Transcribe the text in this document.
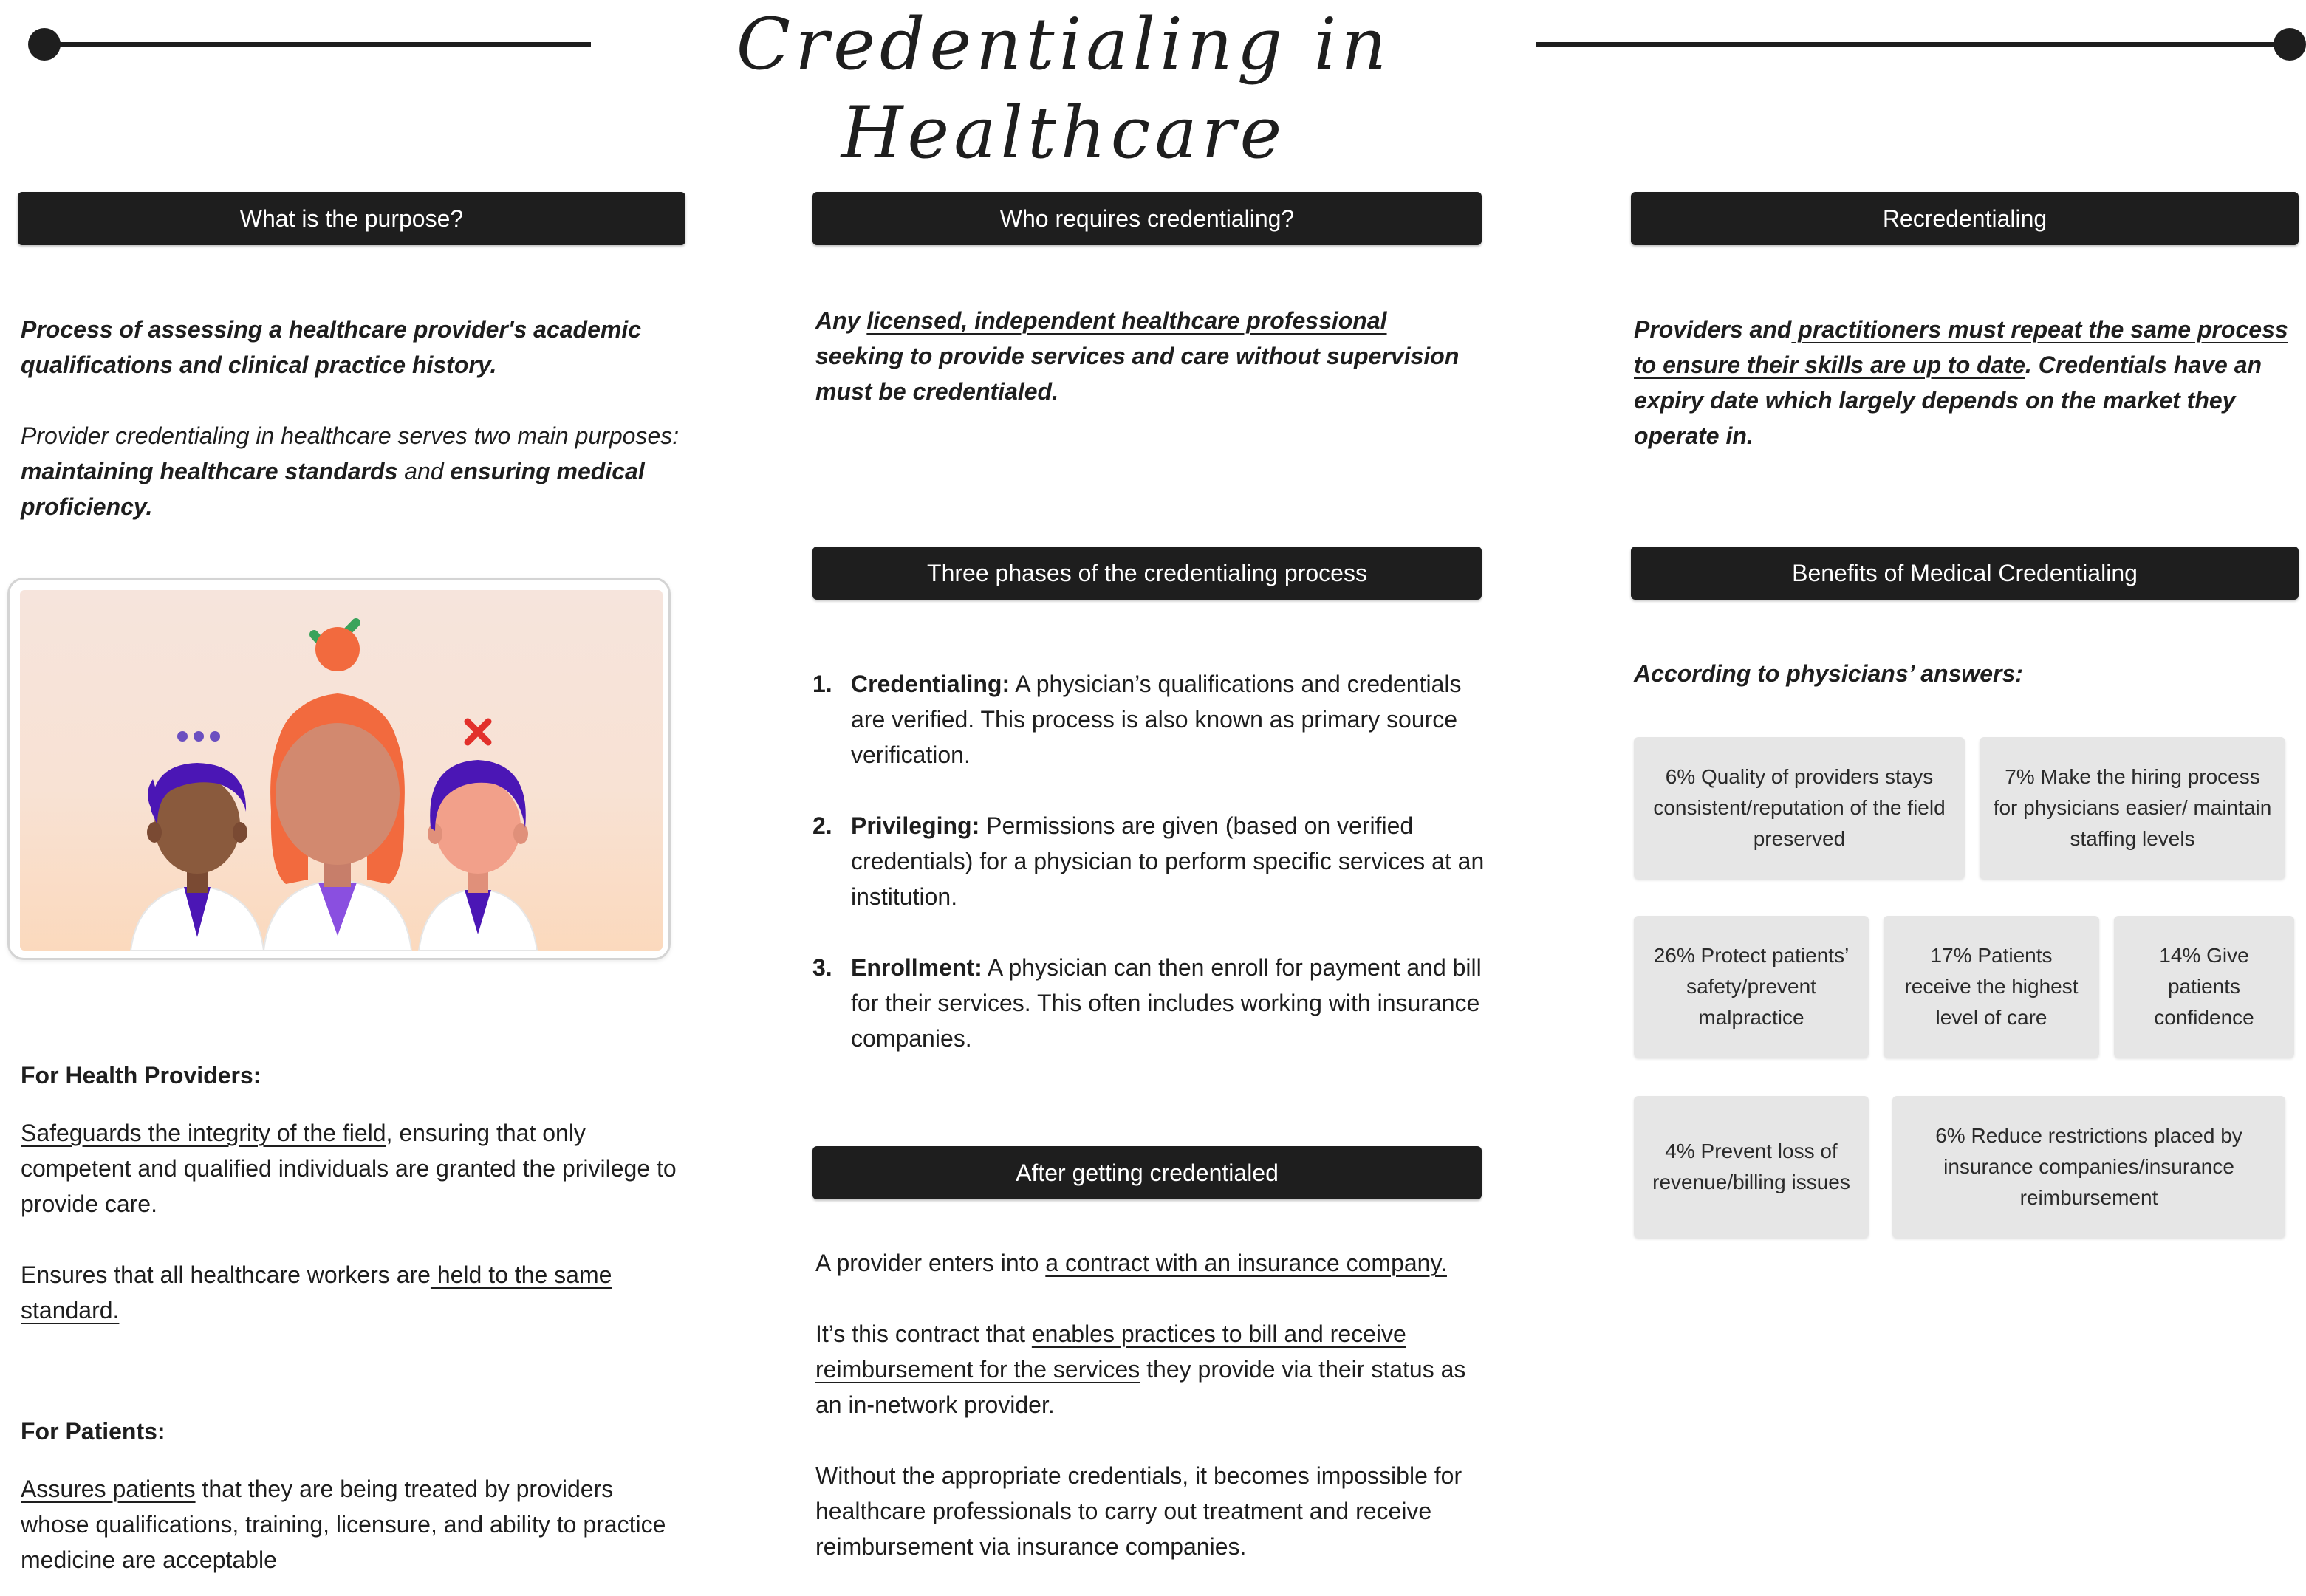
Credentialing in Healthcare
What is the purpose?

Process of assessing a healthcare provider's academic qualifications and clinical practice history.

Provider credentialing in healthcare serves two main purposes: maintaining healthcare standards and ensuring medical proficiency.

For Health Providers:

Safeguards the integrity of the field, ensuring that only competent and qualified individuals are granted the privilege to provide care.

Ensures that all healthcare workers are held to the same standard.

For Patients:

Assures patients that they are being treated by providers whose qualifications, training, licensure, and ability to practice medicine are acceptable

Who requires credentialing?
Any licensed, independent healthcare professional seeking to provide services and care without supervision must be credentialed.
Three phases of the credentialing process
1. Credentialing: A physician’s qualifications and credentials are verified. This process is also known as primary source verification.
2. Privileging: Permissions are given (based on verified credentials) for a physician to perform specific services at an institution.
3. Enrollment: A physician can then enroll for payment and bill for their services. This often includes working with insurance companies.
After getting credentialed

A provider enters into a contract with an insurance company.

It’s this contract that enables practices to bill and receive reimbursement for the services they provide via their status as an in-network provider.

Without the appropriate credentials, it becomes impossible for healthcare professionals to carry out treatment and receive reimbursement via insurance companies.

Recredentialing
Providers and practitioners must repeat the same process to ensure their skills are up to date. Credentials have an expiry date which largely depends on the market they operate in.
Benefits of Medical Credentialing
According to physicians’ answers:
6% Quality of providers stays consistent/reputation of the field preserved
7% Make the hiring process for physicians easier/ maintain staffing levels
26% Protect patients’ safety/prevent malpractice
17% Patients receive the highest level of care
14% Give patients confidence
4% Prevent loss of revenue/billing issues
6% Reduce restrictions placed by insurance companies/insurance reimbursement
